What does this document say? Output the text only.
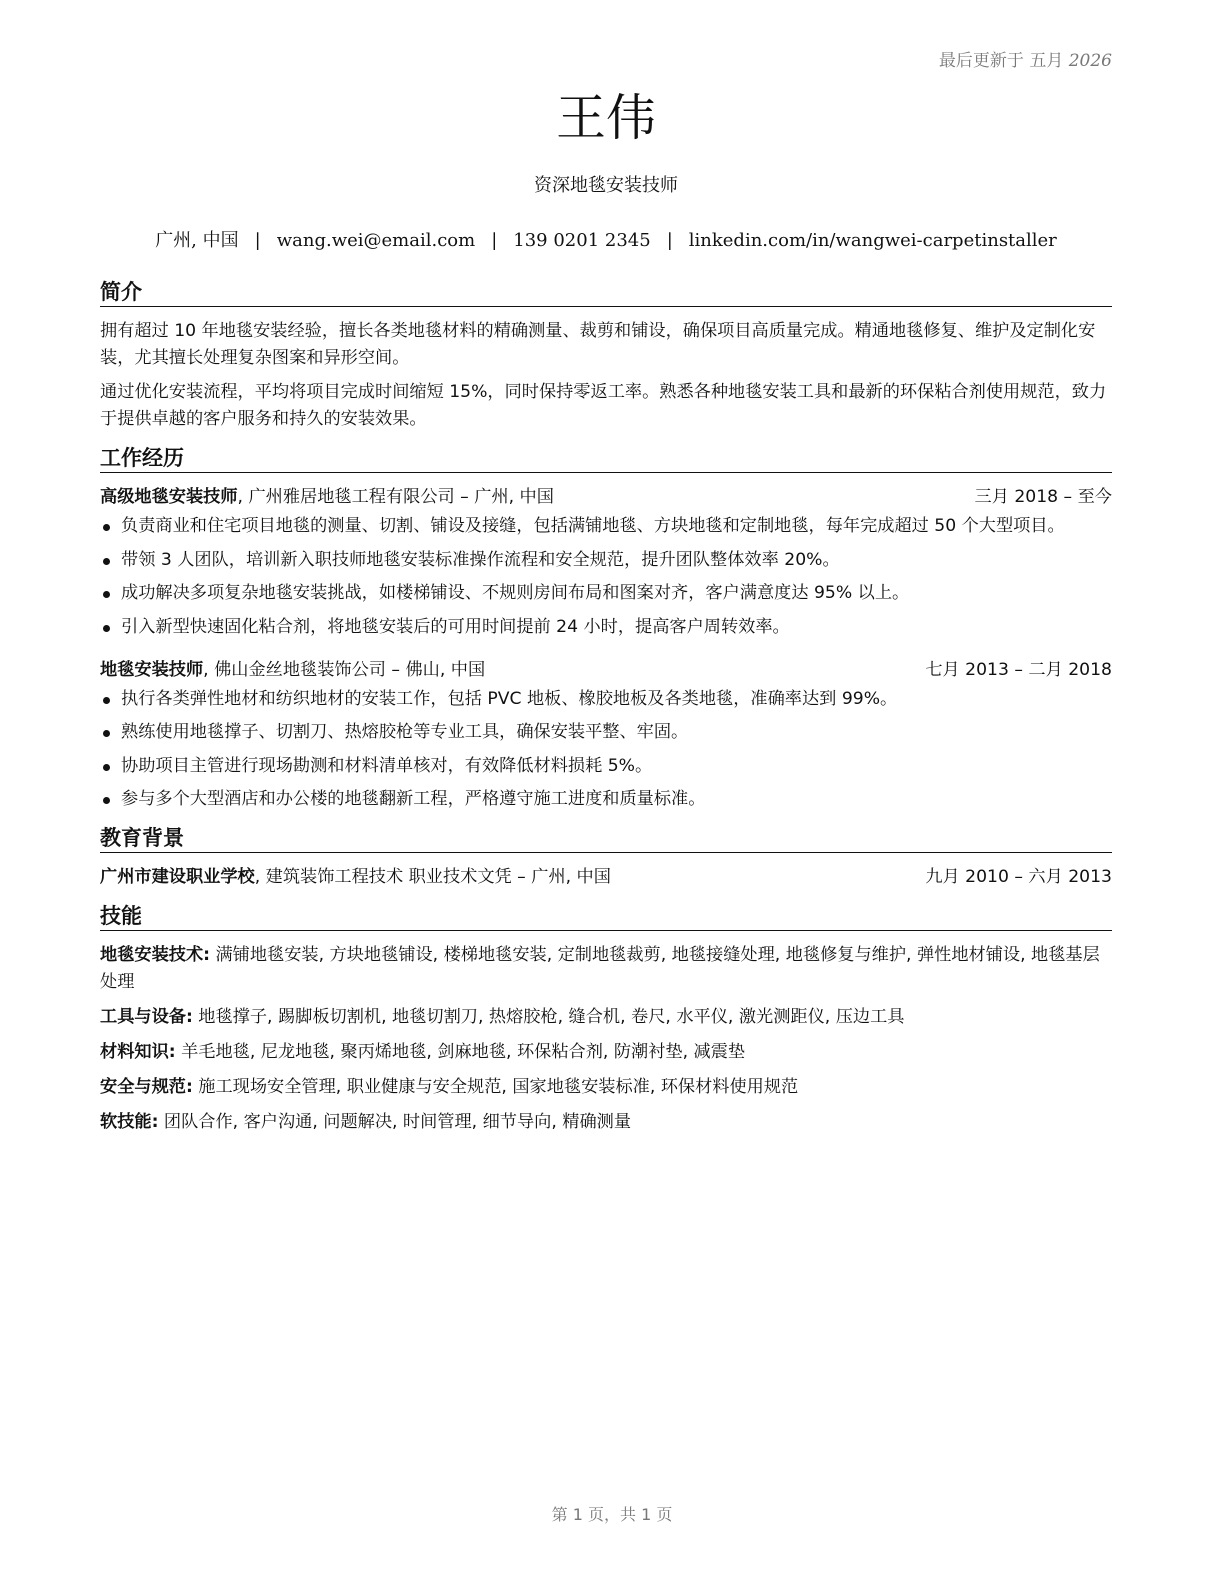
最后更新于 五月 2026
王伟
资深地毯安装技师
广州, 中国 | wang.wei@email.com | 139 0201 2345 | linkedin.com/in/wangwei-carpetinstaller
简介

拥有超过 10 年地毯安装经验，擅长各类地毯材料的精确测量、裁剪和铺设，确保项目高质量完成。精通地毯修复、维护及定制化安装，尤其擅长处理复杂图案和异形空间。

通过优化安装流程，平均将项目完成时间缩短 15%，同时保持零返工率。熟悉各种地毯安装工具和最新的环保粘合剂使用规范，致力于提供卓越的客户服务和持久的安装效果。

工作经历
高级地毯安装技师, 广州雅居地毯工程有限公司 – 广州, 中国	三月 2018 – 至今
负责商业和住宅项目地毯的测量、切割、铺设及接缝，包括满铺地毯、方块地毯和定制地毯，每年完成超过 50 个大型项目。
带领 3 人团队，培训新入职技师地毯安装标准操作流程和安全规范，提升团队整体效率 20%。
成功解决多项复杂地毯安装挑战，如楼梯铺设、不规则房间布局和图案对齐，客户满意度达 95% 以上。
引入新型快速固化粘合剂，将地毯安装后的可用时间提前 24 小时，提高客户周转效率。
地毯安装技师, 佛山金丝地毯装饰公司 – 佛山, 中国	七月 2013 – 二月 2018
执行各类弹性地材和纺织地材的安装工作，包括 PVC 地板、橡胶地板及各类地毯，准确率达到 99%。
熟练使用地毯撑子、切割刀、热熔胶枪等专业工具，确保安装平整、牢固。
协助项目主管进行现场勘测和材料清单核对，有效降低材料损耗 5%。
参与多个大型酒店和办公楼的地毯翻新工程，严格遵守施工进度和质量标准。
教育背景
广州市建设职业学校, 建筑装饰工程技术 职业技术文凭 – 广州, 中国	九月 2010 – 六月 2013
技能
地毯安装技术: 满铺地毯安装, 方块地毯铺设, 楼梯地毯安装, 定制地毯裁剪, 地毯接缝处理, 地毯修复与维护, 弹性地材铺设, 地毯基层处理
工具与设备: 地毯撑子, 踢脚板切割机, 地毯切割刀, 热熔胶枪, 缝合机, 卷尺, 水平仪, 激光测距仪, 压边工具
材料知识: 羊毛地毯, 尼龙地毯, 聚丙烯地毯, 剑麻地毯, 环保粘合剂, 防潮衬垫, 减震垫
安全与规范: 施工现场安全管理, 职业健康与安全规范, 国家地毯安装标准, 环保材料使用规范
软技能: 团队合作, 客户沟通, 问题解决, 时间管理, 细节导向, 精确测量
第 1 页，共 1 页
